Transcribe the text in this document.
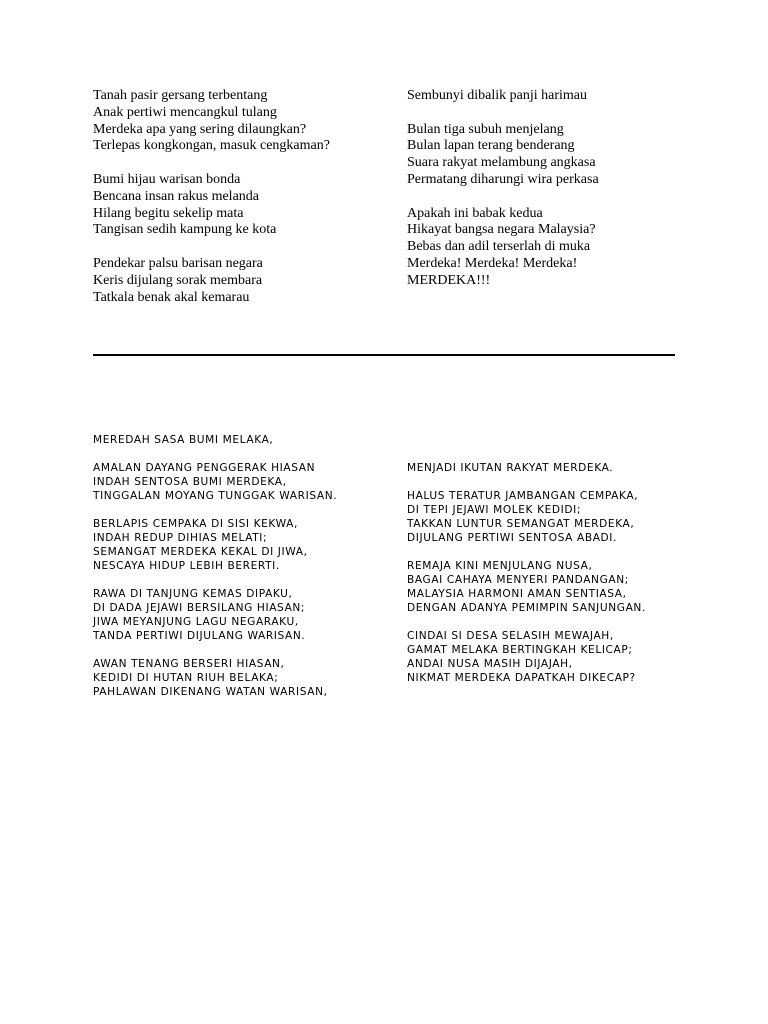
Tanah pasir gersang terbentang
Anak pertiwi mencangkul tulang
Merdeka apa yang sering dilaungkan?
Terlepas kongkongan, masuk cengkaman?
Bumi hijau warisan bonda
Bencana insan rakus melanda
Hilang begitu sekelip mata
Tangisan sedih kampung ke kota
Pendekar palsu barisan negara
Keris dijulang sorak membara
Tatkala benak akal kemarau
Sembunyi dibalik panji harimau
Bulan tiga subuh menjelang
Bulan lapan terang benderang
Suara rakyat melambung angkasa
Permatang diharungi wira perkasa
Apakah ini babak kedua
Hikayat bangsa negara Malaysia?
Bebas dan adil terserlah di muka
Merdeka! Merdeka! Merdeka!
MERDEKA!!!
MEREDAH SASA BUMI MELAKA,
AMALAN DAYANG PENGGERAK HIASAN
INDAH SENTOSA BUMI MERDEKA,
TINGGALAN MOYANG TUNGGAK WARISAN.
BERLAPIS CEMPAKA DI SISI KEKWA,
INDAH REDUP DIHIAS MELATI;
SEMANGAT MERDEKA KEKAL DI JIWA,
NESCAYA HIDUP LEBIH BERERTI.
RAWA DI TANJUNG KEMAS DIPAKU,
DI DADA JEJAWI BERSILANG HIASAN;
JIWA MEYANJUNG LAGU NEGARAKU,
TANDA PERTIWI DIJULANG WARISAN.
AWAN TENANG BERSERI HIASAN,
KEDIDI DI HUTAN RIUH BELAKA;
PAHLAWAN DIKENANG WATAN WARISAN,
MENJADI IKUTAN RAKYAT MERDEKA.
HALUS TERATUR JAMBANGAN CEMPAKA,
DI TEPI JEJAWI MOLEK KEDIDI;
TAKKAN LUNTUR SEMANGAT MERDEKA,
DIJULANG PERTIWI SENTOSA ABADI.
REMAJA KINI MENJULANG NUSA,
BAGAI CAHAYA MENYERI PANDANGAN;
MALAYSIA HARMONI AMAN SENTIASA,
DENGAN ADANYA PEMIMPIN SANJUNGAN.
CINDAI SI DESA SELASIH MEWAJAH,
GAMAT MELAKA BERTINGKAH KELICAP;
ANDAI NUSA MASIH DIJAJAH,
NIKMAT MERDEKA DAPATKAH DIKECAP?
